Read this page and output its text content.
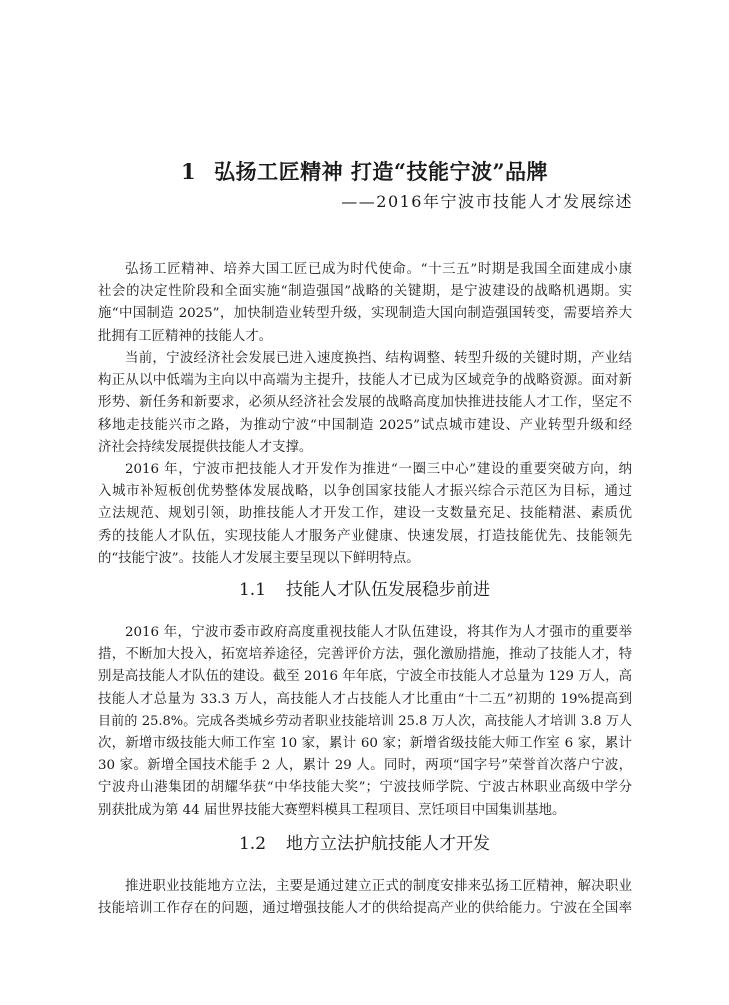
1 弘扬工匠精神 打造“技能宁波”品牌
——2016年宁波市技能人才发展综述
弘扬工匠精神、培养大国工匠已成为时代使命。“十三五”时期是我国全面建成小康
社会的决定性阶段和全面实施“制造强国”战略的关键期，是宁波建设的战略机遇期。实
施“中国制造 2025”，加快制造业转型升级，实现制造大国向制造强国转变，需要培养大
批拥有工匠精神的技能人才。
当前，宁波经济社会发展已进入速度换挡、结构调整、转型升级的关键时期，产业结
构正从以中低端为主向以中高端为主提升，技能人才已成为区域竞争的战略资源。面对新
形势、新任务和新要求，必须从经济社会发展的战略高度加快推进技能人才工作，坚定不
移地走技能兴市之路，为推动宁波“中国制造 2025”试点城市建设、产业转型升级和经
济社会持续发展提供技能人才支撑。
2016 年，宁波市把技能人才开发作为推进“一圈三中心”建设的重要突破方向，纳
入城市补短板创优势整体发展战略，以争创国家技能人才振兴综合示范区为目标，通过
立法规范、规划引领，助推技能人才开发工作，建设一支数量充足、技能精湛、素质优
秀的技能人才队伍，实现技能人才服务产业健康、快速发展，打造技能优先、技能领先
的“技能宁波”。技能人才发展主要呈现以下鲜明特点。
1.1 技能人才队伍发展稳步前进
2016 年，宁波市委市政府高度重视技能人才队伍建设，将其作为人才强市的重要举
措，不断加大投入，拓宽培养途径，完善评价方法，强化激励措施，推动了技能人才，特
别是高技能人才队伍的建设。截至 2016 年年底，宁波全市技能人才总量为 129 万人，高
技能人才总量为 33.3 万人，高技能人才占技能人才比重由“十二五”初期的 19%提高到
目前的 25.8%。完成各类城乡劳动者职业技能培训 25.8 万人次，高技能人才培训 3.8 万人
次，新增市级技能大师工作室 10 家，累计 60 家；新增省级技能大师工作室 6 家，累计
30 家。新增全国技术能手 2 人，累计 29 人。同时，两项“国字号”荣誉首次落户宁波，
宁波舟山港集团的胡耀华获“中华技能大奖”；宁波技师学院、宁波古林职业高级中学分
别获批成为第 44 届世界技能大赛塑料模具工程项目、烹饪项目中国集训基地。
1.2 地方立法护航技能人才开发
推进职业技能地方立法，主要是通过建立正式的制度安排来弘扬工匠精神，解决职业
技能培训工作存在的问题，通过增强技能人才的供给提高产业的供给能力。宁波在全国率
